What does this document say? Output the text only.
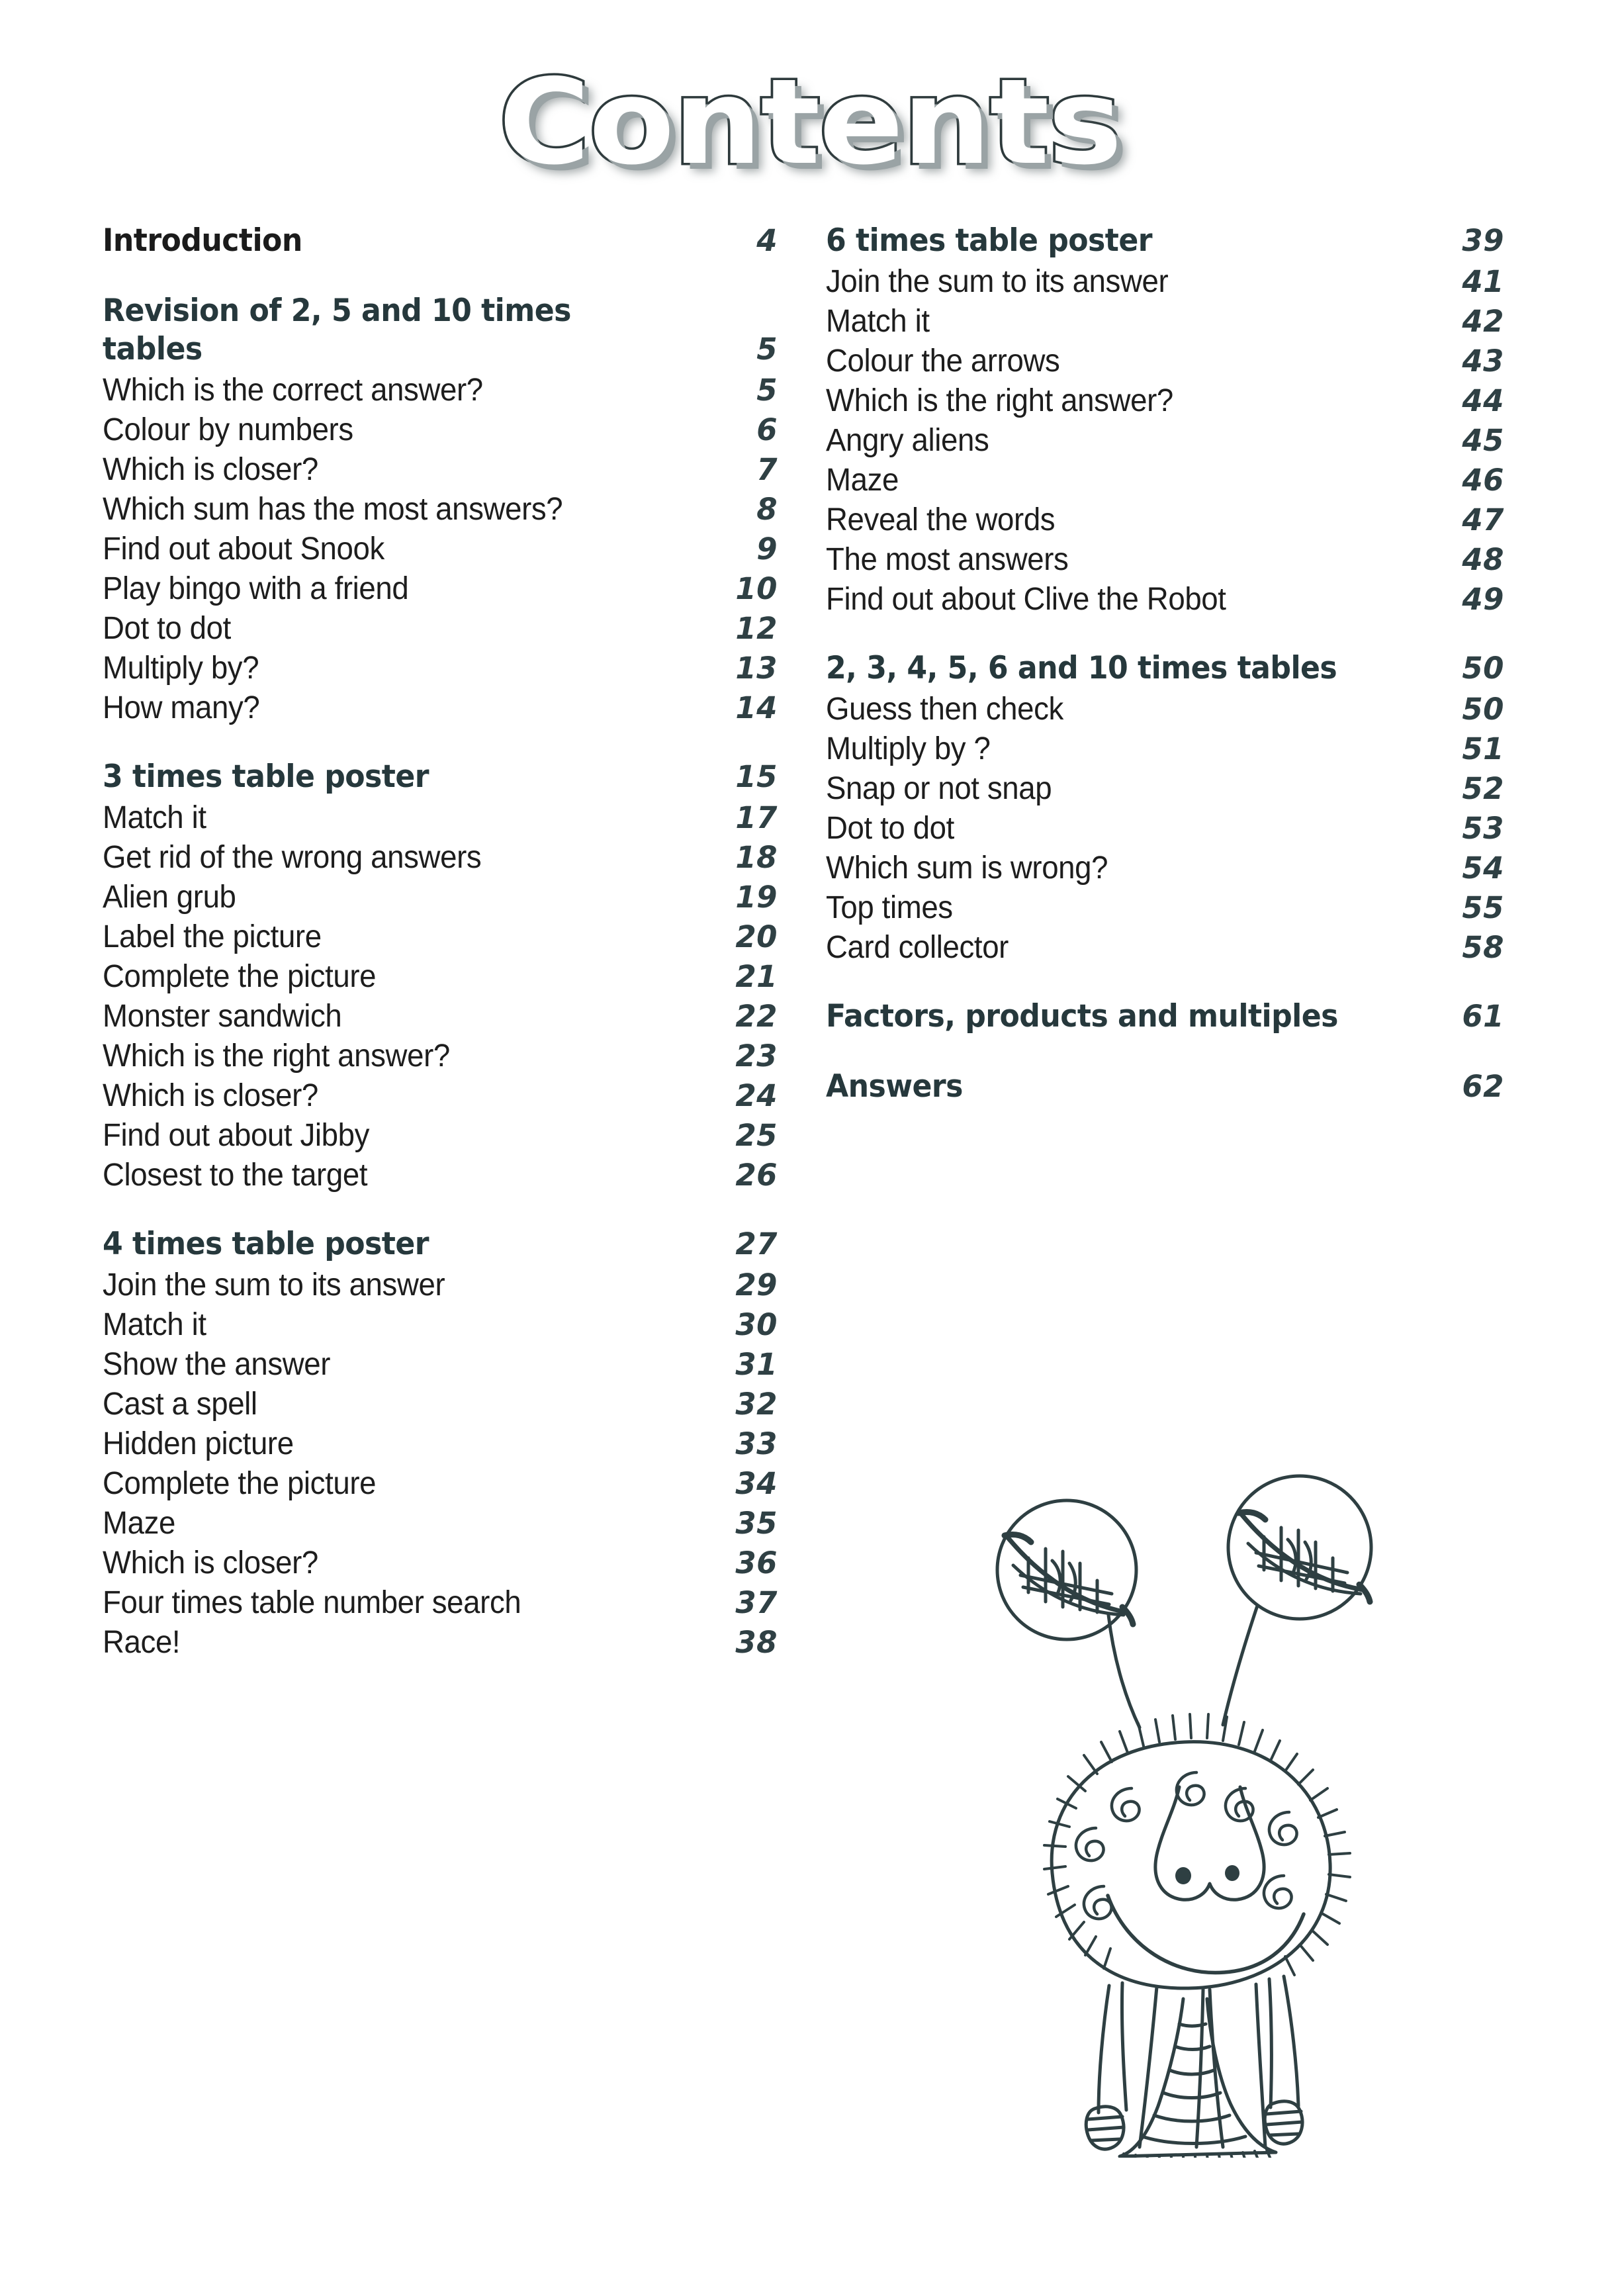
Contents
Introduction	4
Revision of 2, 5 and 10 times
tables	5
Which is the correct answer?	5
Colour by numbers	6
Which is closer?	7
Which sum has the most answers?	8
Find out about Snook	9
Play bingo with a friend	10
Dot to dot	12
Multiply by?	13
How many?	14
3 times table poster	15
Match it	17
Get rid of the wrong answers	18
Alien grub	19
Label the picture	20
Complete the picture	21
Monster sandwich	22
Which is the right answer?	23
Which is closer?	24
Find out about Jibby	25
Closest to the target	26
4 times table poster	27
Join the sum to its answer	29
Match it	30
Show the answer	31
Cast a spell	32
Hidden picture	33
Complete the picture	34
Maze	35
Which is closer?	36
Four times table number search	37
Race!	38
6 times table poster	39
Join the sum to its answer	41
Match it	42
Colour the arrows	43
Which is the right answer?	44
Angry aliens	45
Maze	46
Reveal the words	47
The most answers	48
Find out about Clive the Robot	49
2, 3, 4, 5, 6 and 10 times tables	50
Guess then check	50
Multiply by ?	51
Snap or not snap	52
Dot to dot	53
Which sum is wrong?	54
Top times	55
Card collector	58
Factors, products and multiples	61
Answers	62
